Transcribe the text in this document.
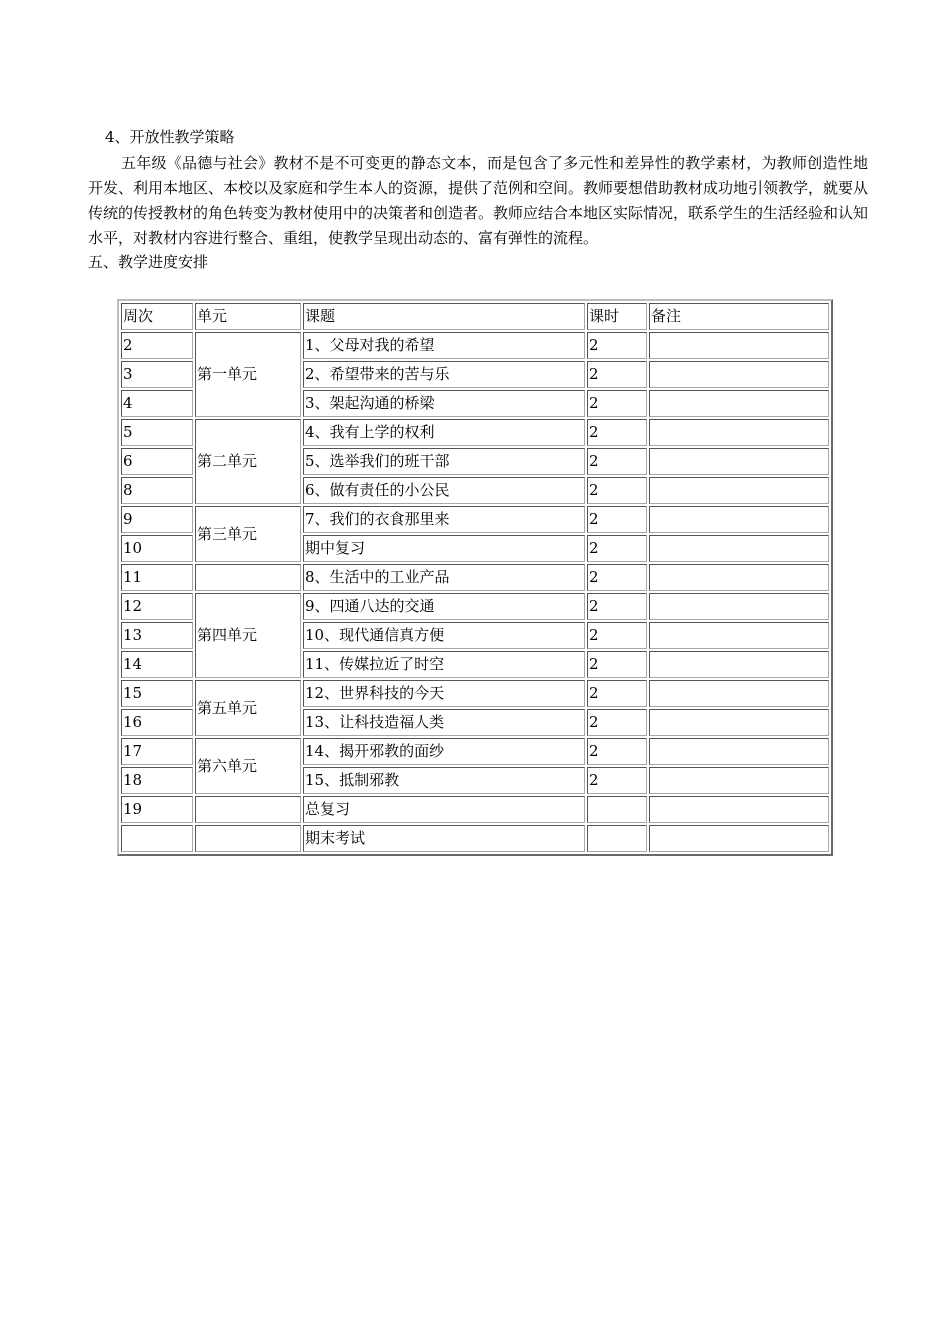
4、开放性教学策略
五年级《品德与社会》教材不是不可变更的静态文本，而是包含了多元性和差异性的教学素材，为教师创造性地开发、利用本地区、本校以及家庭和学生本人的资源，提供了范例和空间。教师要想借助教材成功地引领教学，就要从传统的传授教材的角色转变为教材使用中的决策者和创造者。教师应结合本地区实际情况，联系学生的生活经验和认知水平，对教材内容进行整合、重组，使教学呈现出动态的、富有弹性的流程。
五、教学进度安排
周次	单元	课题	课时	备注
2	第一单元	1、父母对我的希望	2	
3		2、希望带来的苦与乐	2	
4		3、架起沟通的桥梁	2	
5	第二单元	4、我有上学的权利	2	
6		5、选举我们的班干部	2	
8		6、做有责任的小公民	2	
9	第三单元	7、我们的衣食那里来	2	
10		期中复习	2	
11		8、生活中的工业产品	2	
12	第四单元	9、四通八达的交通	2	
13		10、现代通信真方便	2	
14		11、传媒拉近了时空	2	
15	第五单元	12、世界科技的今天	2	
16		13、让科技造福人类	2	
17	第六单元	14、揭开邪教的面纱	2	
18		15、抵制邪教	2	
19		总复习		
		期末考试		
